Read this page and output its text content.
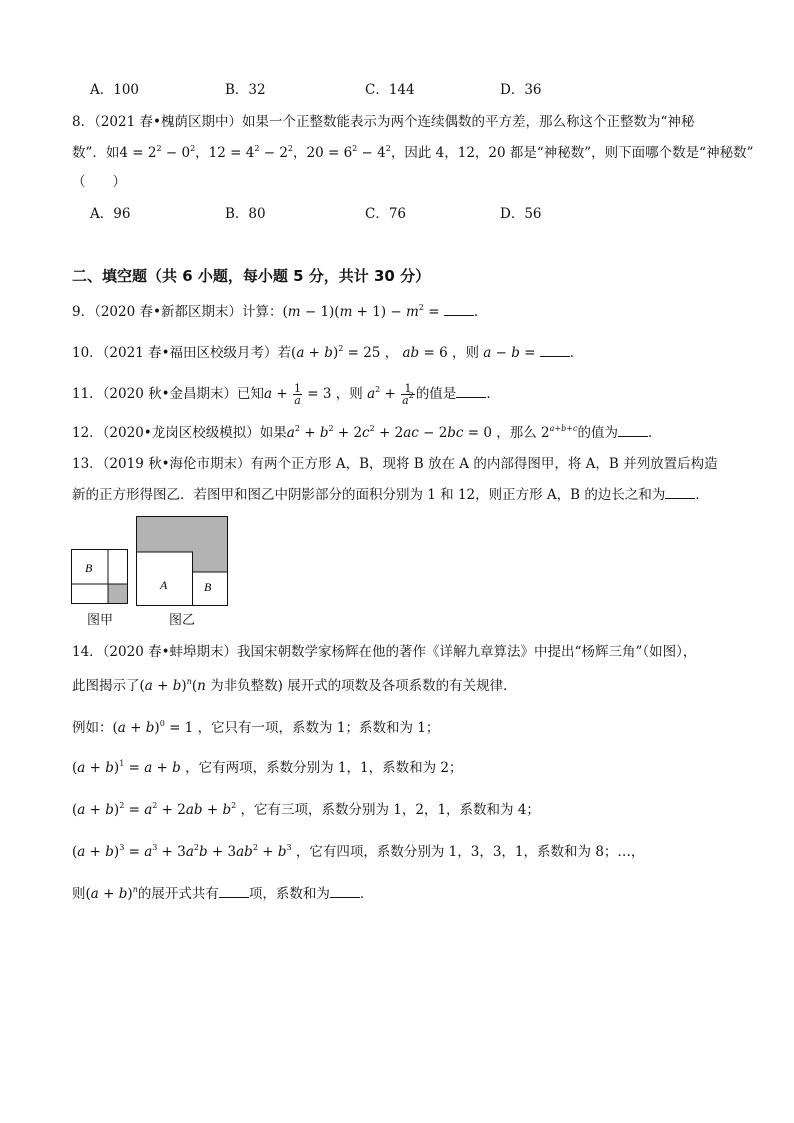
A．100	B．32	C．144	D．36
8．（2021 春•槐荫区期中）如果一个正整数能表示为两个连续偶数的平方差，那么称这个正整数为“神秘
数”．如$4 = 2^2 - 0^2$，$12 = 4^2 - 2^2$，$20 = 6^2 - 4^2$，因此 4，12，20 都是“神秘数”，则下面哪个数是“神秘数”
（　　）
A．96	B．80	C．76	D．56
二、填空题（共 6 小题，每小题 5 分，共计 30 分）
9．（2020 春•新都区期末）计算：$(m - 1)(m + 1) - m^2$ = ．
10．（2021 春•福田区校级月考）若$(a + b)^2 = 25$ ， ab = 6 ，则 a − b = ．
11．（2020 秋•金昌期末）已知$a + \frac{1}{a} = 3$ ，则 $a^2 + \frac{1}{a^2}$ 的值是 ．
12．（2020•龙岗区校级模拟）如果$a^2 + b^2 + 2c^2 + 2ac - 2bc = 0$ ，那么 $2^{a+b+c}$的值为 ．
13．（2019 秋•海伦市期末）有两个正方形 A，B，现将 B 放在 A 的内部得图甲，将 A，B 并列放置后构造
新的正方形得图乙．若图甲和图乙中阴影部分的面积分别为 1 和 12，则正方形 A，B 的边长之和为 ．
B
图甲
A	B
图乙
14．（2020 春•蚌埠期末）我国宋朝数学家杨辉在他的著作《详解九章算法》中提出“杨辉三角”（如图），
此图揭示了$(a + b)^n(n$ 为非负整数) 展开式的项数及各项系数的有关规律．
例如：$(a + b)^0 = 1$ ，它只有一项，系数为 1；系数和为 1；
$(a + b)^1 = a + b$ ，它有两项，系数分别为 1，1，系数和为 2；
$(a + b)^2 = a^2 + 2ab + b^2$ ，它有三项，系数分别为 1，2，1，系数和为 4；
$(a + b)^3 = a^3 + 3a^2b + 3ab^2 + b^3$ ，它有四项，系数分别为 1，3，3，1，系数和为 8；…，
则$(a + b)^n$的展开式共有 项，系数和为 ．
